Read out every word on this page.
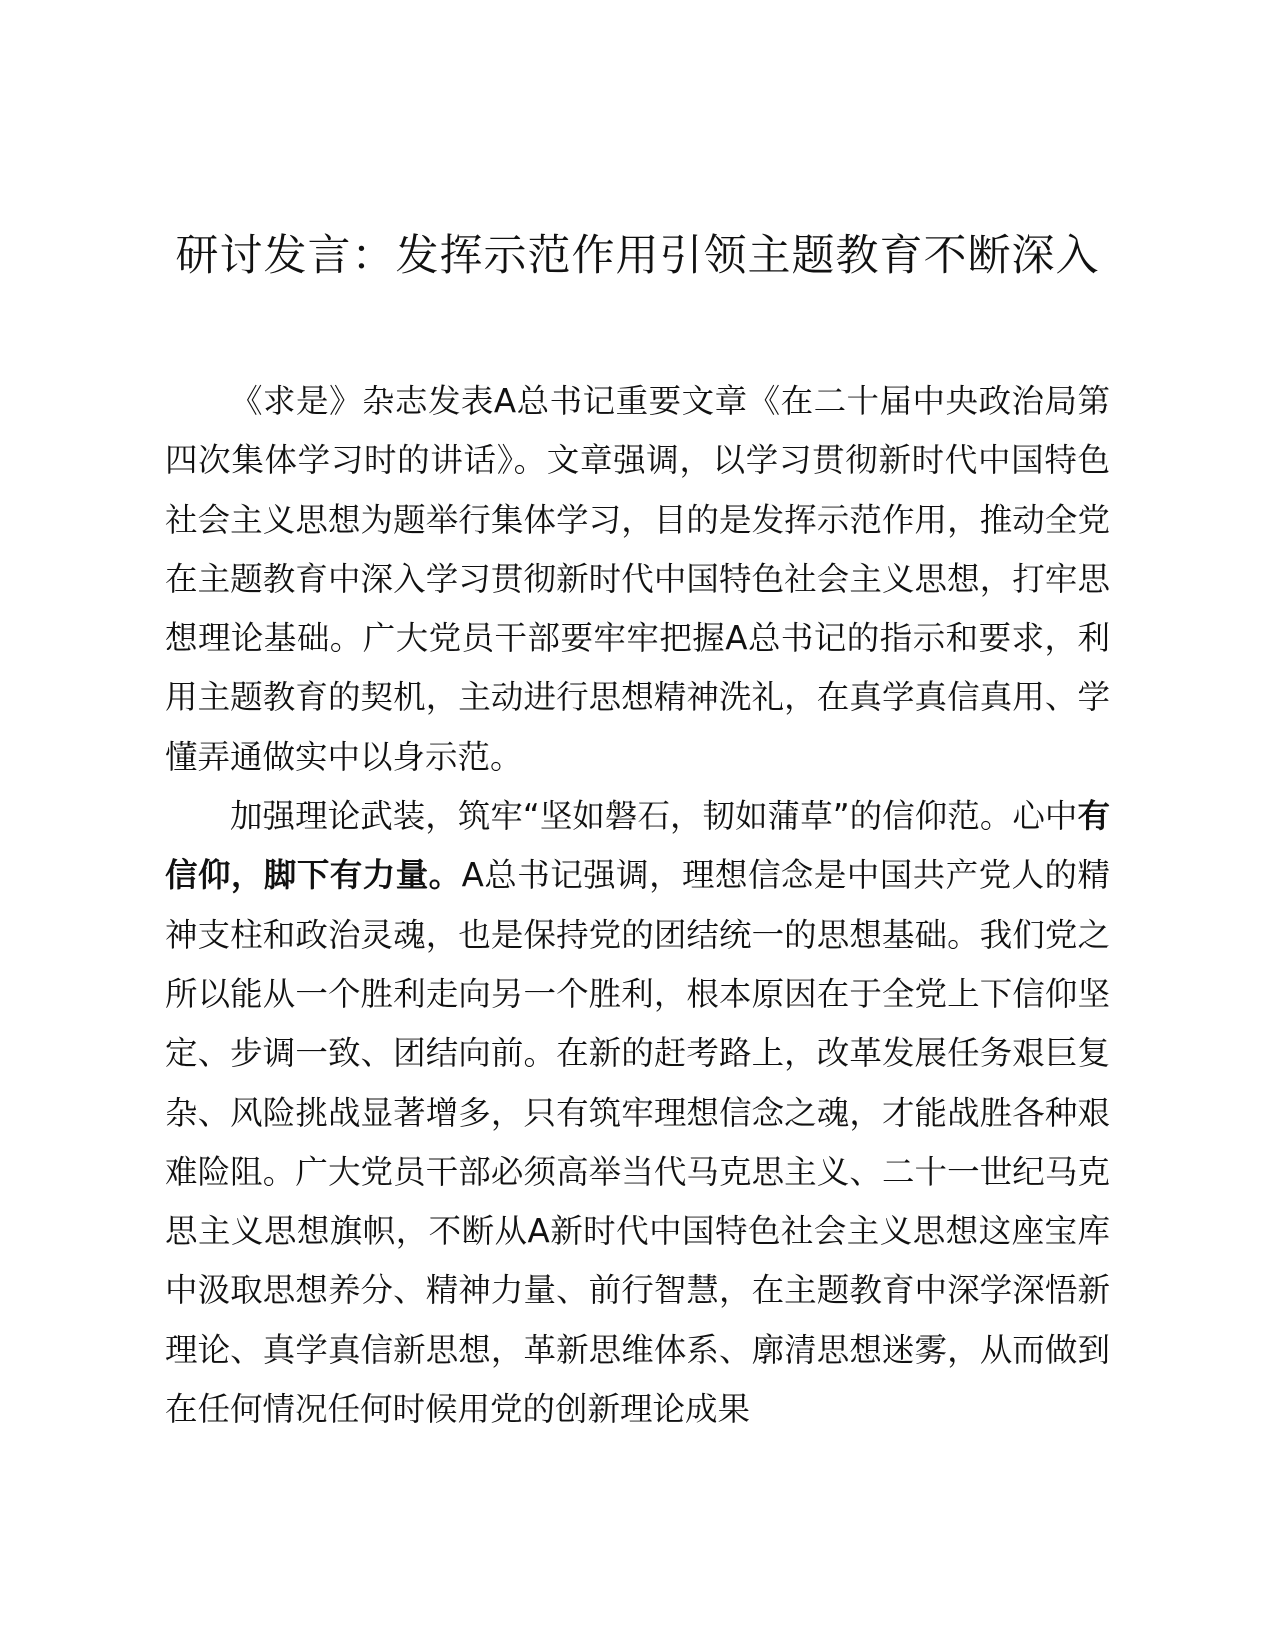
研讨发言：发挥示范作用引领主题教育不断深入

《求是》杂志发表A总书记重要文章《在二十届中央政治局第四次集体学习时的讲话》。文章强调，以学习贯彻新时代中国特色社会主义思想为题举行集体学习，目的是发挥示范作用，推动全党在主题教育中深入学习贯彻新时代中国特色社会主义思想，打牢思想理论基础。广大党员干部要牢牢把握A总书记的指示和要求，利用主题教育的契机，主动进行思想精神洗礼，在真学真信真用、学懂弄通做实中以身示范。

加强理论武装，筑牢“坚如磐石，韧如蒲草”的信仰范。心中有信仰，脚下有力量。A总书记强调，理想信念是中国共产党人的精神支柱和政治灵魂，也是保持党的团结统一的思想基础。我们党之所以能从一个胜利走向另一个胜利，根本原因在于全党上下信仰坚定、步调一致、团结向前。在新的赶考路上，改革发展任务艰巨复杂、风险挑战显著增多，只有筑牢理想信念之魂，才能战胜各种艰难险阻。广大党员干部必须高举当代马克思主义、二十一世纪马克思主义思想旗帜，不断从A新时代中国特色社会主义思想这座宝库中汲取思想养分、精神力量、前行智慧，在主题教育中深学深悟新理论、真学真信新思想，革新思维体系、廓清思想迷雾，从而做到在任何情况任何时候用党的创新理论成果
